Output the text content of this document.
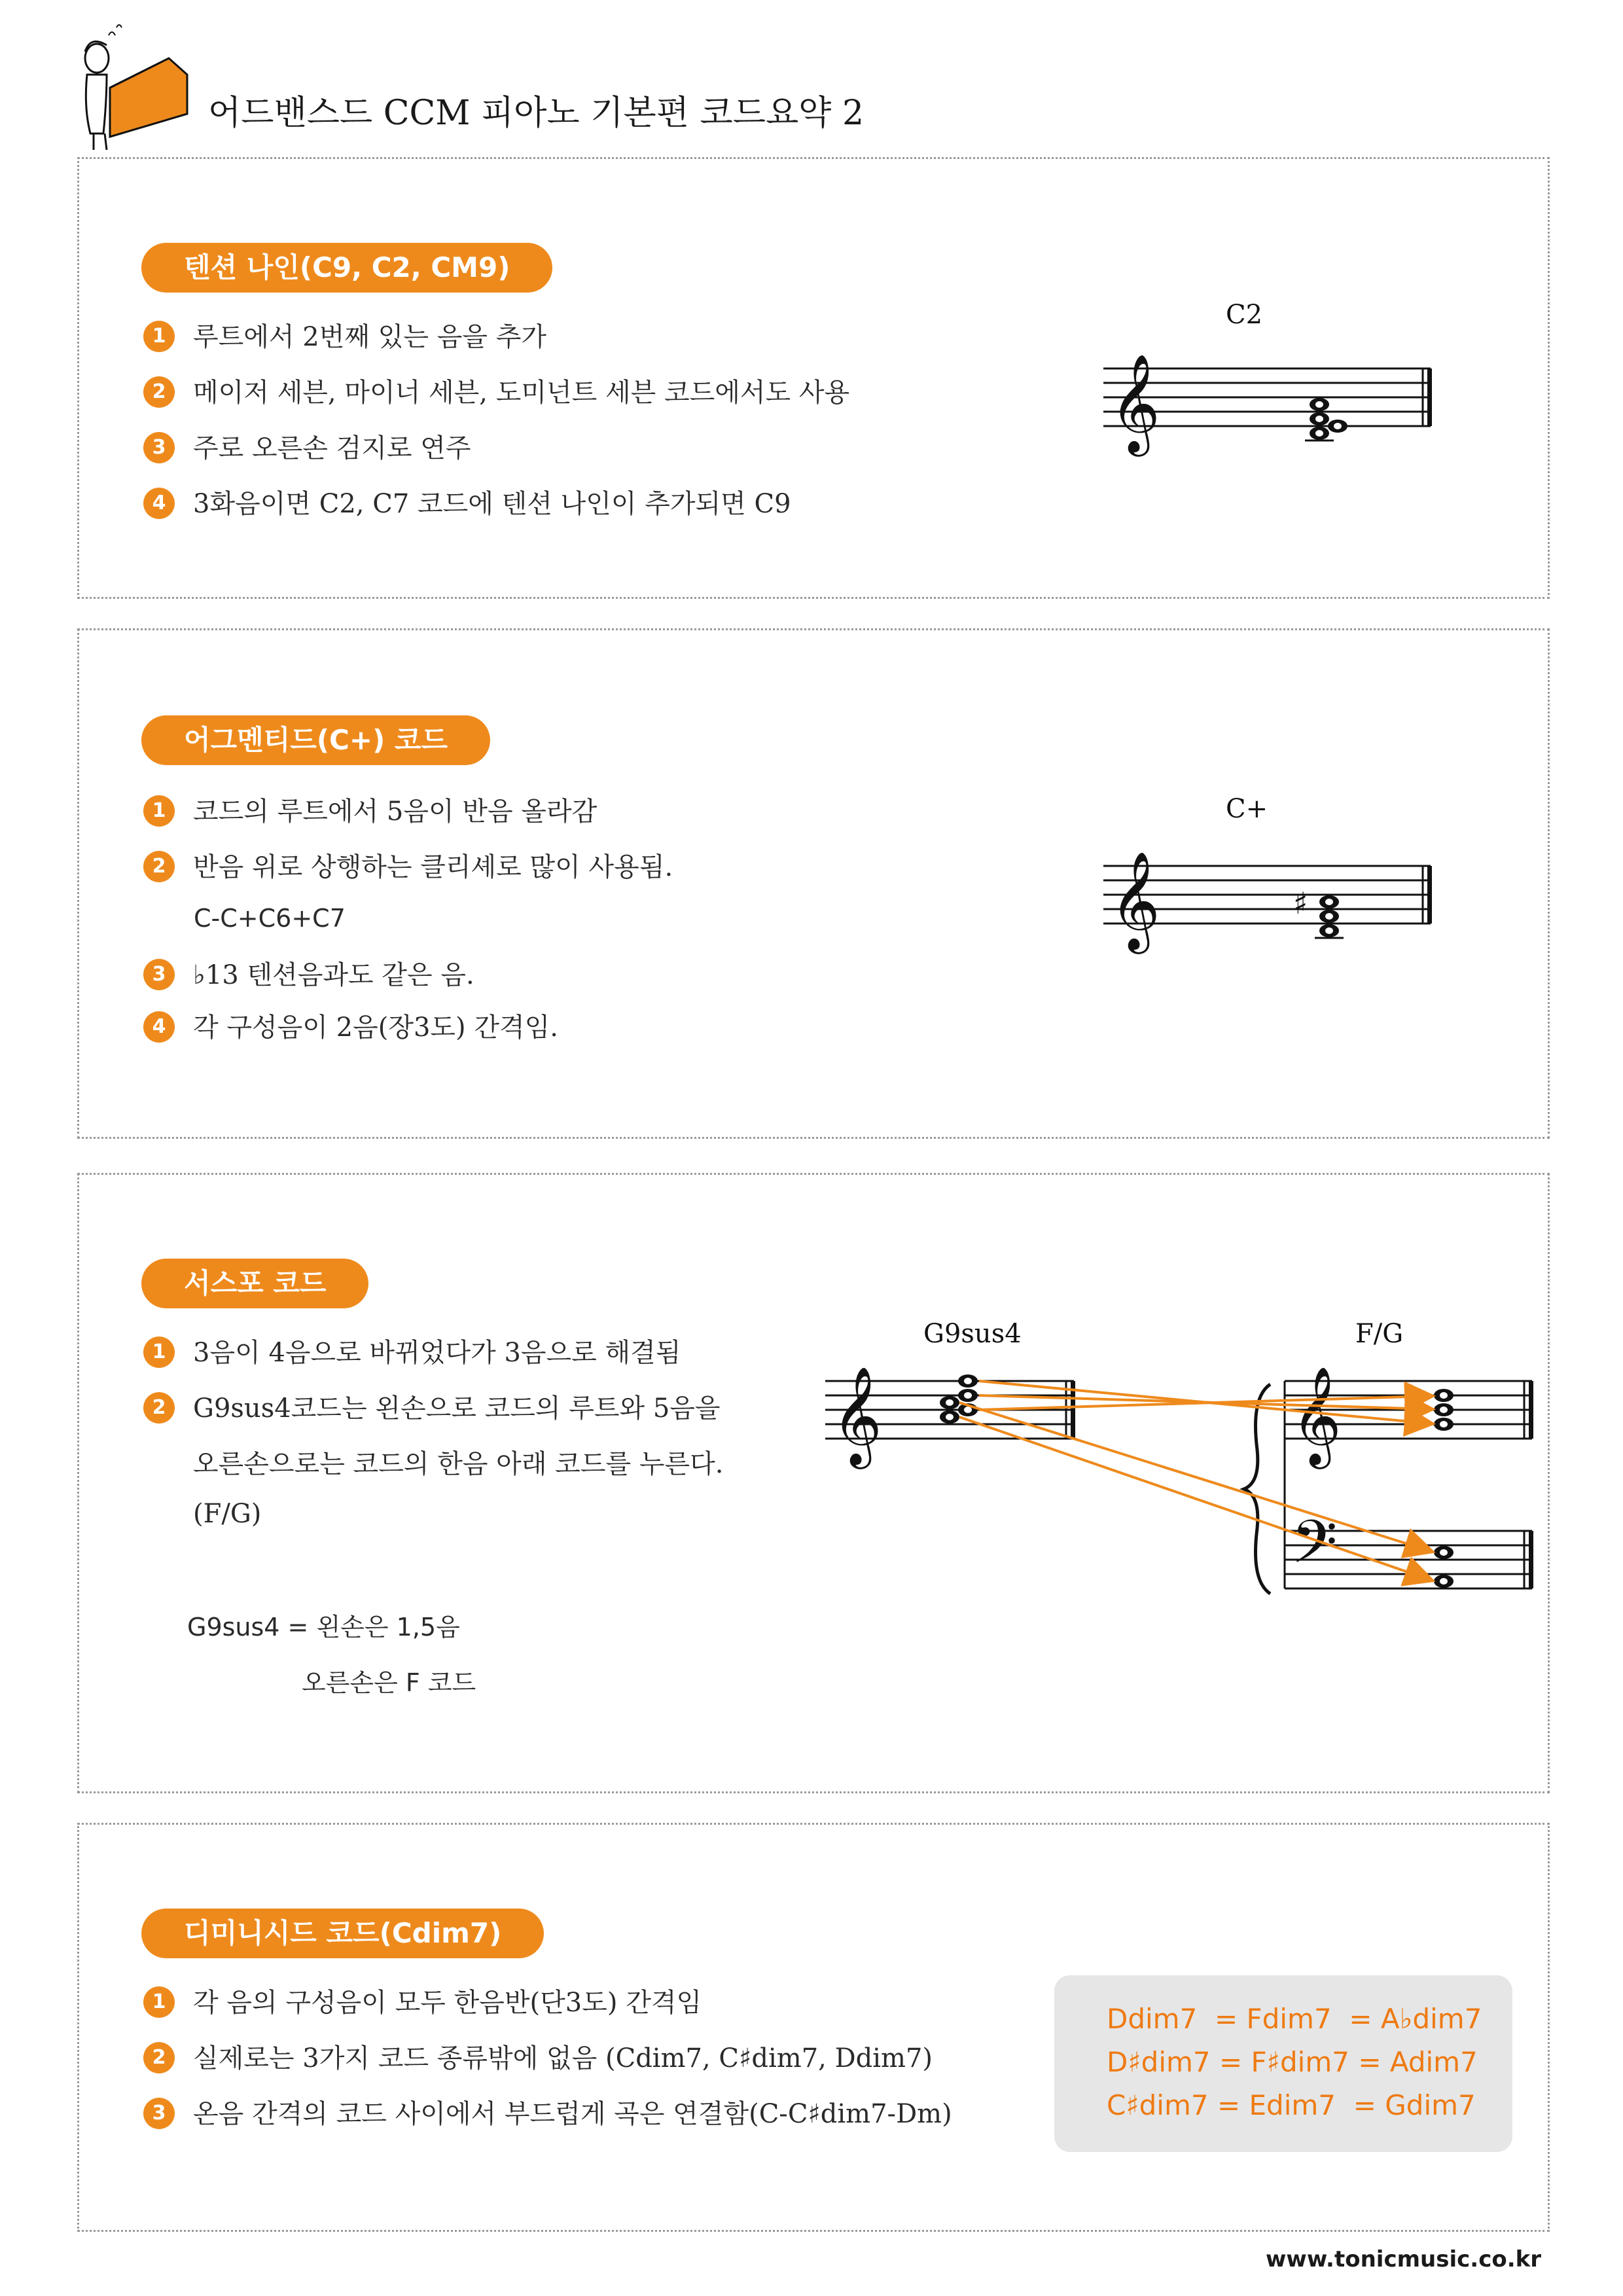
어드밴스드 CCM 피아노 기본편 코드요약 2
텐션 나인(C9, C2, CM9)
1 루트에서 2번째 있는 음을 추가
2 메이저 세븐, 마이너 세븐, 도미넌트 세븐 코드에서도 사용
3 주로 오른손 검지로 연주
4 3화음이면 C2, C7 코드에 텐션 나인이 추가되면 C9
C2
𝄞
어그멘티드(C+) 코드
1 코드의 루트에서 5음이 반음 올라감
2 반음 위로 상행하는 클리셰로 많이 사용됨.
C-C+C6+C7
3 ♭13 텐션음과도 같은 음.
4 각 구성음이 2음(장3도) 간격임.
C+
𝄞	♯
서스포 코드
1 3음이 4음으로 바뀌었다가 3음으로 해결됨
2 G9sus4코드는 왼손으로 코드의 루트와 5음을
오른손으로는 코드의 한음 아래 코드를 누른다.
(F/G)
G9sus4 = 왼손은 1,5음
오른손은 F 코드
G9sus4	F/G
𝄞	𝄞
𝄢
디미니시드 코드(Cdim7)
1 각 음의 구성음이 모두 한음반(단3도) 간격임
2 실제로는 3가지 코드 종류밖에 없음 (Cdim7, C♯dim7, Ddim7)
3 온음 간격의 코드 사이에서 부드럽게 곡은 연결함(C-C♯dim7-Dm)
Ddim7  = Fdim7  = A♭dim7
D♯dim7 = F♯dim7 = Adim7
C♯dim7 = Edim7  = Gdim7
www.tonicmusic.co.kr
